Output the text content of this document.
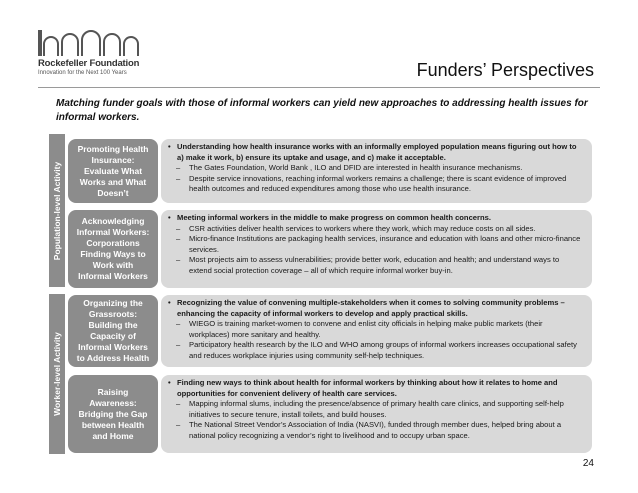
Rockefeller Foundation
Innovation for the Next 100 Years	Funders’ Perspectives
Matching funder goals with those of informal workers can yield new approaches to addressing health issues for informal workers.
Population-level Activity
Worker-level Activity
Promoting Health
Insurance:
Evaluate What
Works and What
Doesn’t
• Understanding how health insurance works with an informally employed population means figuring out how to a) make it work, b) ensure its uptake and usage, and c) make it acceptable.
– The Gates Foundation, World Bank , ILO and DFID are interested in health insurance mechanisms.
– Despite service innovations, reaching informal workers remains a challenge; there is scant evidence of improved health outcomes and reduced expenditures among those who use health insurance.
Acknowledging
Informal Workers:
Corporations
Finding Ways to
Work with
Informal Workers
• Meeting informal workers in the middle to make progress on common health concerns.
– CSR activities deliver health services to workers where they work, which may reduce costs on all sides.
– Micro-finance Institutions are packaging health services, insurance and education with loans and other micro-finance services.
– Most projects aim to assess vulnerabilities; provide better work, education and health; and understand ways to extend social protection coverage – all of which require informal worker buy-in.
Organizing the
Grassroots:
Building the
Capacity of
Informal Workers
to Address Health
• Recognizing the value of convening multiple-stakeholders when it comes to solving community problems – enhancing the capacity of informal workers to develop and apply practical skills.
– WIEGO is training market-women to convene and enlist city officials in helping make public markets (their workplaces) more sanitary and healthy.
– Participatory health research by the ILO and WHO among groups of informal workers increases occupational safety and reduces workplace injuries using community self-help techniques.
Raising
Awareness:
Bridging the Gap
between Health
and Home
• Finding new ways to think about health for informal workers by thinking about how it relates to home and opportunities for convenient delivery of health care services.
– Mapping informal slums, including the presence/absence of primary health care clinics, and supporting self-help initiatives to secure tenure, install toilets, and build houses.
– The National Street Vendor’s Association of India (NASVI), funded through member dues, helped bring about a national policy recognizing a vendor’s right to livelihood and to occupy urban space.
24
